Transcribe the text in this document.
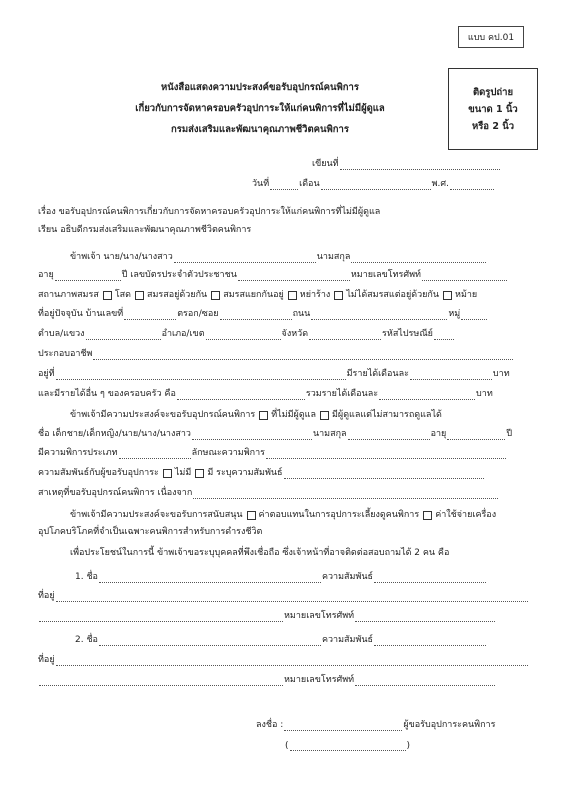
แบบ คป.01
ติดรูปถ่าย
ขนาด 1 นิ้ว
หรือ 2 นิ้ว
หนังสือแสดงความประสงค์ขอรับอุปกรณ์คนพิการ
เกี่ยวกับการจัดหาครอบครัวอุปการะให้แก่คนพิการที่ไม่มีผู้ดูแล
กรมส่งเสริมและพัฒนาคุณภาพชีวิตคนพิการ
เขียนที่
วันที่	เดือน	พ.ศ.
เรื่อง ขอรับอุปกรณ์คนพิการเกี่ยวกับการจัดหาครอบครัวอุปการะให้แก่คนพิการที่ไม่มีผู้ดูแล
เรียน อธิบดีกรมส่งเสริมและพัฒนาคุณภาพชีวิตคนพิการ
ข้าพเจ้า นาย/นาง/นางสาว	นามสกุล
อายุ	ปี เลขบัตรประจำตัวประชาชน	หมายเลขโทรศัพท์
สถานภาพสมรส โสด สมรสอยู่ด้วยกัน สมรสแยกกันอยู่ หย่าร้าง ไม่ได้สมรสแต่อยู่ด้วยกัน หม้าย
ที่อยู่ปัจจุบัน บ้านเลขที่	ตรอก/ซอย	ถนน	หมู่
ตำบล/แขวง	อำเภอ/เขต	จังหวัด	รหัสไปรษณีย์
ประกอบอาชีพ
อยู่ที่	มีรายได้เดือนละ	บาท
และมีรายได้อื่น ๆ ของครอบครัว คือ	รวมรายได้เดือนละ	บาท
ข้าพเจ้ามีความประสงค์จะขอรับอุปกรณ์คนพิการ ที่ไม่มีผู้ดูแล มีผู้ดูแลแต่ไม่สามารถดูแลได้
ชื่อ เด็กชาย/เด็กหญิง/นาย/นาง/นางสาว	นามสกุล	อายุ	ปี
มีความพิการประเภท	ลักษณะความพิการ
ความสัมพันธ์กับผู้ขอรับอุปการะ ไม่มี มี ระบุความสัมพันธ์
สาเหตุที่ขอรับอุปกรณ์คนพิการ เนื่องจาก
ข้าพเจ้ามีความประสงค์จะขอรับการสนับสนุน ค่าตอบแทนในการอุปการะเลี้ยงดูคนพิการ ค่าใช้จ่ายเครื่อง
อุปโภคบริโภคที่จำเป็นเฉพาะคนพิการสำหรับการดำรงชีวิต
เพื่อประโยชน์ในการนี้ ข้าพเจ้าขอระบุบุคคลที่พึงเชื่อถือ ซึ่งเจ้าหน้าที่อาจติดต่อสอบถามได้ 2 คน คือ
1. ชื่อ	ความสัมพันธ์
ที่อยู่
หมายเลขโทรศัพท์
2. ชื่อ	ความสัมพันธ์
ที่อยู่
หมายเลขโทรศัพท์
ลงชื่อ :	ผู้ขอรับอุปการะคนพิการ
(	)
